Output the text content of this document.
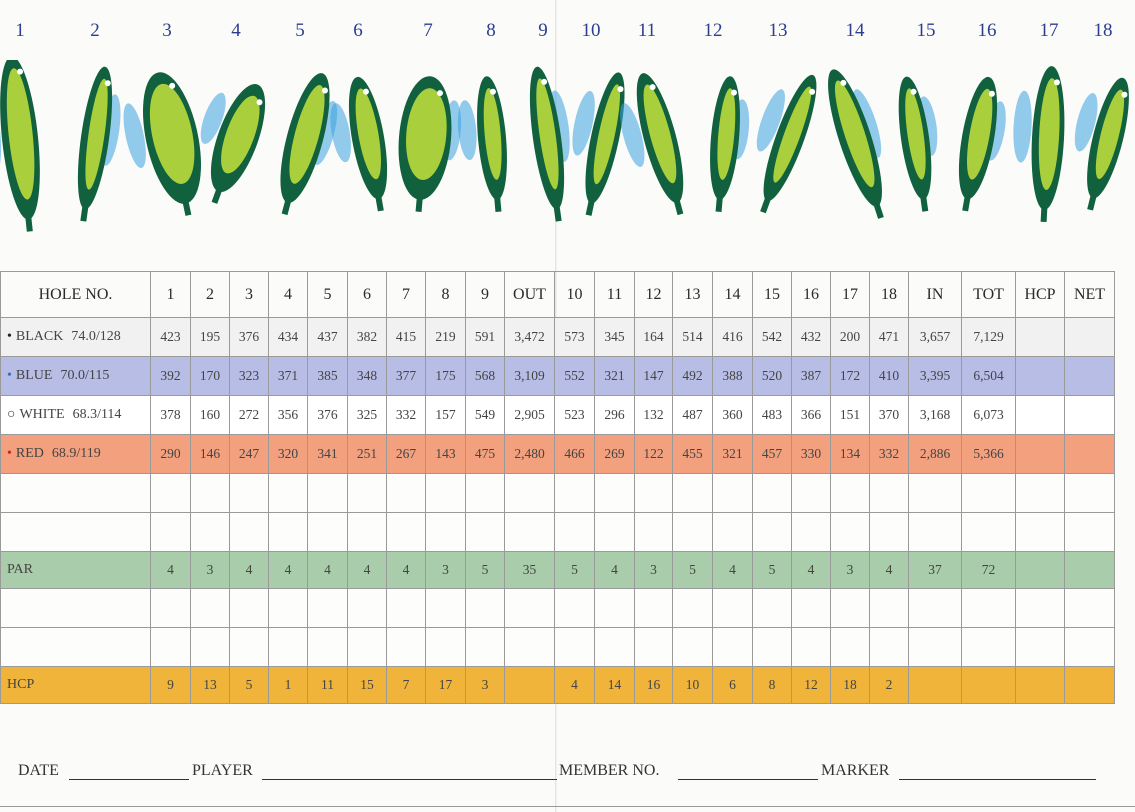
1	2	3	4	5	6	7	8 9 10 11 12 13	14	15 16 17 18
HOLE NO.	1	2	3	4	5	6	7	8	9	OUT	10	11	12	13	14	15	16	17	18	IN	TOT	HCP	NET
• BLACK 74.0/128	423	195	376	434	437	382	415	219	591	3,472	573	345	164	514	416	542	432	200	471	3,657	7,129		
• BLUE 70.0/115	392	170	323	371	385	348	377	175	568	3,109	552	321	147	492	388	520	387	172	410	3,395	6,504		
○ WHITE 68.3/114	378	160	272	356	376	325	332	157	549	2,905	523	296	132	487	360	483	366	151	370	3,168	6,073		
• RED 68.9/119	290	146	247	320	341	251	267	143	475	2,480	466	269	122	455	321	457	330	134	332	2,886	5,366		

PAR	4	3	4	4	4	4	4	3	5	35	5	4	3	5	4	5	4	3	4	37	72		

HCP	9	13	5	1	11	15	7	17	3		4	14	16	10	6	8	12	18	2				
DATE	PLAYER	MEMBER NO.	MARKER
